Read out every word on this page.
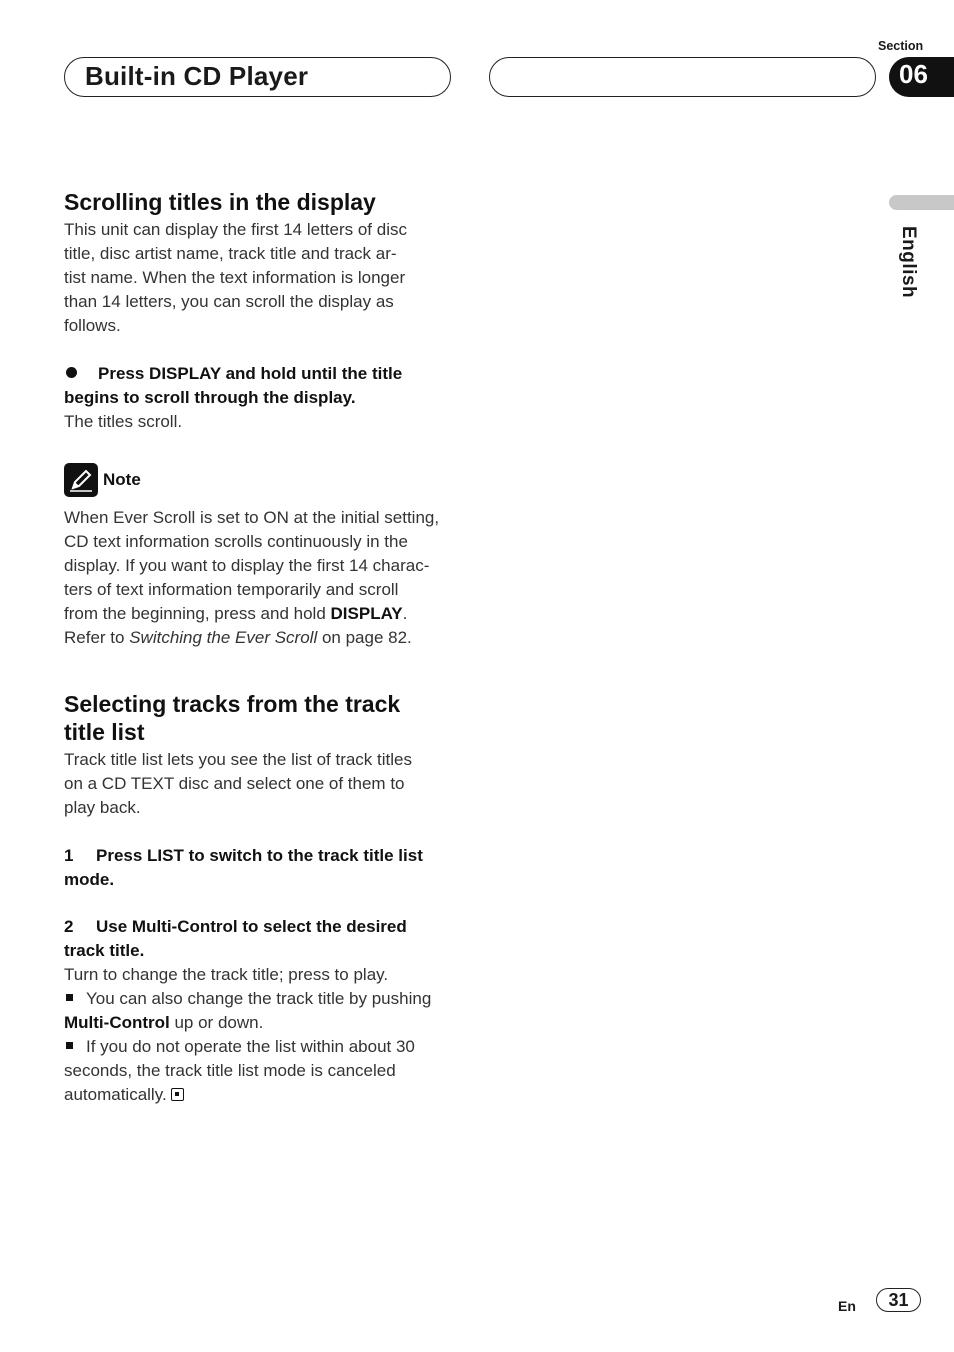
Built-in CD Player
Section
06
English
Scrolling titles in the display

This unit can display the first 14 letters of disc

title, disc artist name, track title and track ar-

tist name. When the text information is longer

than 14 letters, you can scroll the display as

follows.

Press DISPLAY and hold until the title

begins to scroll through the display.

The titles scroll.

Note

When Ever Scroll is set to ON at the initial setting,

CD text information scrolls continuously in the

display. If you want to display the first 14 charac-

ters of text information temporarily and scroll

from the beginning, press and hold DISPLAY.

Refer to Switching the Ever Scroll on page 82.

Selecting tracks from the track
title list

Track title list lets you see the list of track titles

on a CD TEXT disc and select one of them to

play back.

1 Press LIST to switch to the track title list

mode.

2 Use Multi-Control to select the desired

track title.

Turn to change the track title; press to play.

You can also change the track title by pushing

Multi-Control up or down.

If you do not operate the list within about 30

seconds, the track title list mode is canceled

automatically.

En	31
